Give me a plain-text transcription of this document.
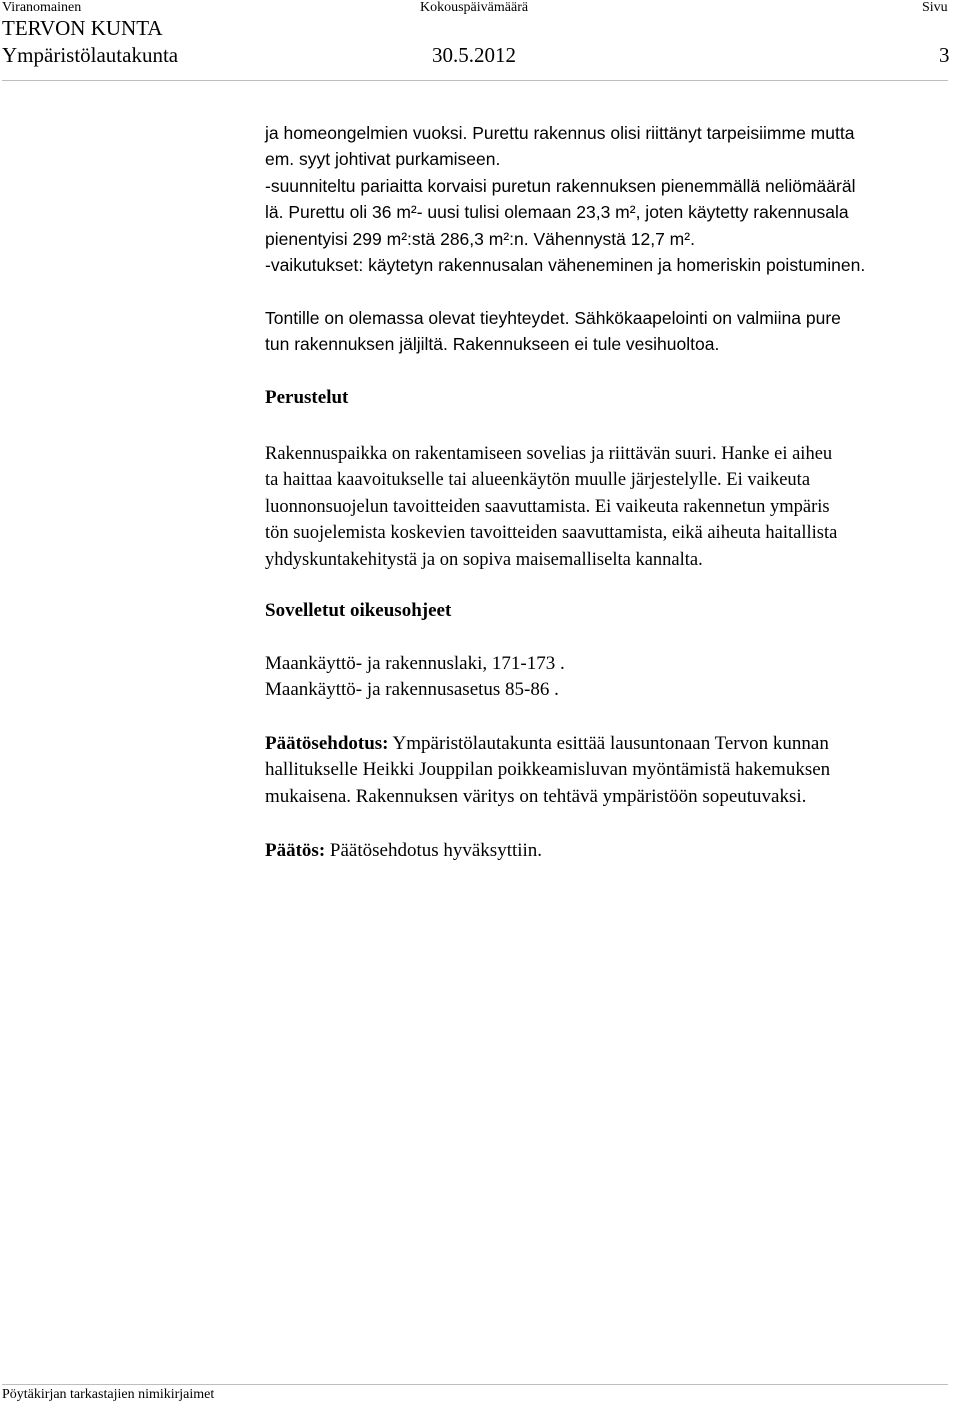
Viranomainen	Kokouspäivämäärä	Sivu
TERVON KUNTA
Ympäristölautakunta	30.5.2012	3
ja homeongelmien vuoksi. Purettu rakennus olisi riittänyt tarpeisiimme mutta
em. syyt johtivat purkamiseen.
-suunniteltu pariaitta korvaisi puretun rakennuksen pienemmällä neliömääräl
lä. Purettu oli 36 m²- uusi tulisi olemaan 23,3 m², joten käytetty rakennusala
pienentyisi 299 m²:stä 286,3 m²:n. Vähennystä 12,7 m².
-vaikutukset: käytetyn rakennusalan väheneminen ja homeriskin poistuminen.
Tontille on olemassa olevat tieyhteydet. Sähkökaapelointi on valmiina pure
tun rakennuksen jäljiltä. Rakennukseen ei tule vesihuoltoa.
Perustelut
Rakennuspaikka on rakentamiseen sovelias ja riittävän suuri. Hanke ei aiheu
ta haittaa kaavoitukselle tai alueenkäytön muulle järjestelylle. Ei vaikeuta
luonnonsuojelun tavoitteiden saavuttamista. Ei vaikeuta rakennetun ympäris
tön suojelemista koskevien tavoitteiden saavuttamista, eikä aiheuta haitallista
yhdyskuntakehitystä ja on sopiva maisemalliselta kannalta.
Sovelletut oikeusohjeet
Maankäyttö- ja rakennuslaki, 171-173 .
Maankäyttö- ja rakennusasetus 85-86 .
Päätösehdotus: Ympäristölautakunta esittää lausuntonaan Tervon kunnan
hallitukselle Heikki Jouppilan poikkeamisluvan myöntämistä hakemuksen
mukaisena. Rakennuksen väritys on tehtävä ympäristöön sopeutuvaksi.
Päätös: Päätösehdotus hyväksyttiin.
Pöytäkirjan tarkastajien nimikirjaimet
